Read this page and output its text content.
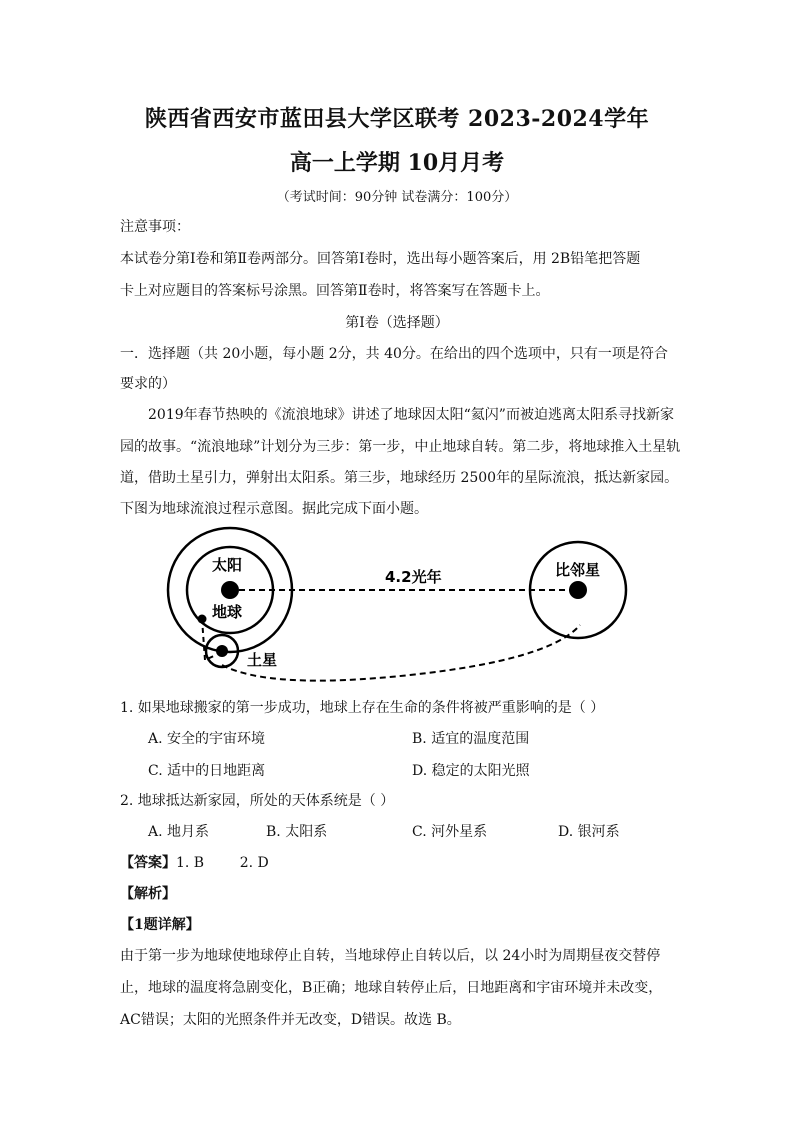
陕西省西安市蓝田县大学区联考 2023-2024学年
高一上学期 10月月考
（考试时间：90分钟 试卷满分：100分）
注意事项：
本试卷分第Ⅰ卷和第Ⅱ卷两部分。回答第Ⅰ卷时，选出每小题答案后，用 2B铅笔把答题
卡上对应题目的答案标号涂黑。回答第Ⅱ卷时，将答案写在答题卡上。
第Ⅰ卷（选择题）
一．选择题（共 20小题，每小题 2分，共 40分。在给出的四个选项中，只有一项是符合
要求的）
2019年春节热映的《流浪地球》讲述了地球因太阳“氦闪”而被迫逃离太阳系寻找新家
园的故事。“流浪地球”计划分为三步：第一步，中止地球自转。第二步，将地球推入土星轨
道，借助土星引力，弹射出太阳系。第三步，地球经历 2500年的星际流浪，抵达新家园。
下图为地球流浪过程示意图。据此完成下面小题。
太阳
地球
土星
4.2光年	比邻星
1. 如果地球搬家的第一步成功，地球上存在生命的条件将被严重影响的是（ ）
A. 安全的宇宙环境	B. 适宜的温度范围
C. 适中的日地距离	D. 稳定的太阳光照
2. 地球抵达新家园，所处的天体系统是（ ）
A. 地月系	B. 太阳系	C. 河外星系	D. 银河系
【答案】1. B        2. D
【解析】
【1题详解】
由于第一步为地球使地球停止自转，当地球停止自转以后，以 24小时为周期昼夜交替停
止，地球的温度将急剧变化，B正确；地球自转停止后，日地距离和宇宙环境并未改变，
AC错误；太阳的光照条件并无改变，D错误。故选 B。
